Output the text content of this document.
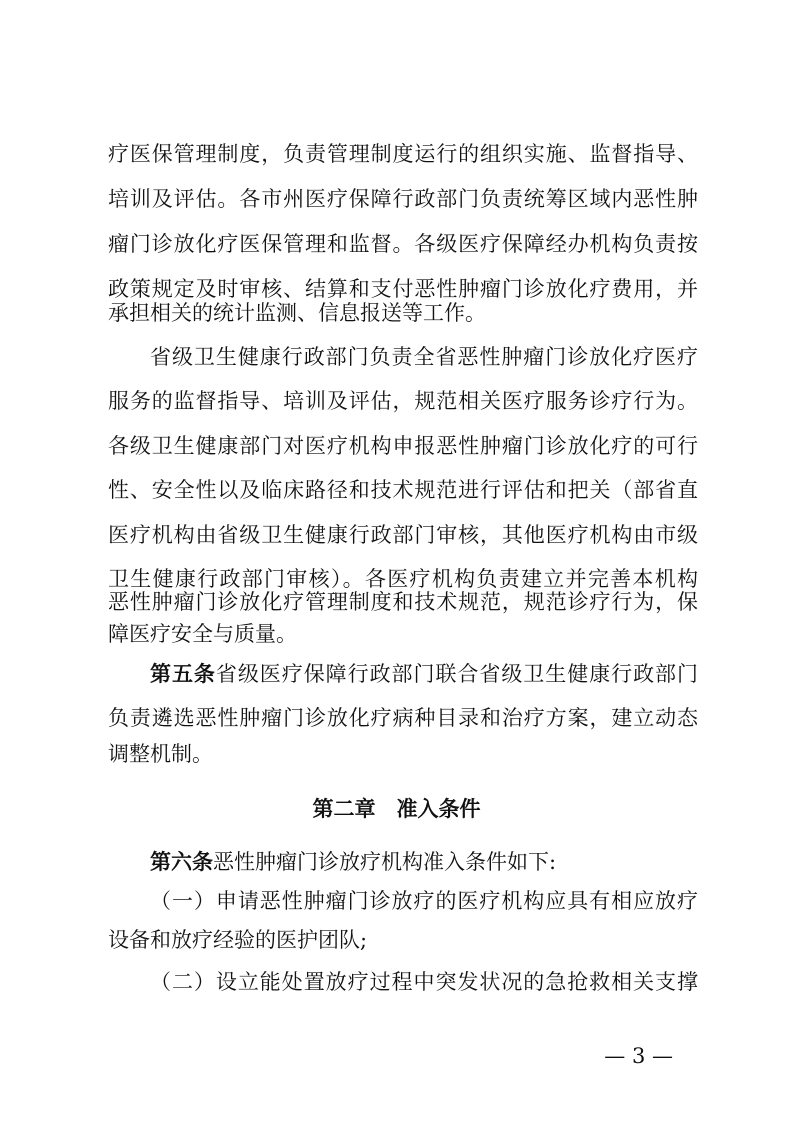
疗医保管理制度，负责管理制度运行的组织实施、监督指导、
培训及评估。各市州医疗保障行政部门负责统筹区域内恶性肿
瘤门诊放化疗医保管理和监督。各级医疗保障经办机构负责按
政策规定及时审核、结算和支付恶性肿瘤门诊放化疗费用，并
承担相关的统计监测、信息报送等工作。
省级卫生健康行政部门负责全省恶性肿瘤门诊放化疗医疗
服务的监督指导、培训及评估，规范相关医疗服务诊疗行为。
各级卫生健康部门对医疗机构申报恶性肿瘤门诊放化疗的可行
性、安全性以及临床路径和技术规范进行评估和把关（部省直
医疗机构由省级卫生健康行政部门审核，其他医疗机构由市级
卫生健康行政部门审核）。各医疗机构负责建立并完善本机构
恶性肿瘤门诊放化疗管理制度和技术规范，规范诊疗行为，保
障医疗安全与质量。
第五条省级医疗保障行政部门联合省级卫生健康行政部门
负责遴选恶性肿瘤门诊放化疗病种目录和治疗方案，建立动态
调整机制。
第二章　准入条件
第六条恶性肿瘤门诊放疗机构准入条件如下:
（一）申请恶性肿瘤门诊放疗的医疗机构应具有相应放疗
设备和放疗经验的医护团队;
（二）设立能处置放疗过程中突发状况的急抢救相关支撑
— 3 —
